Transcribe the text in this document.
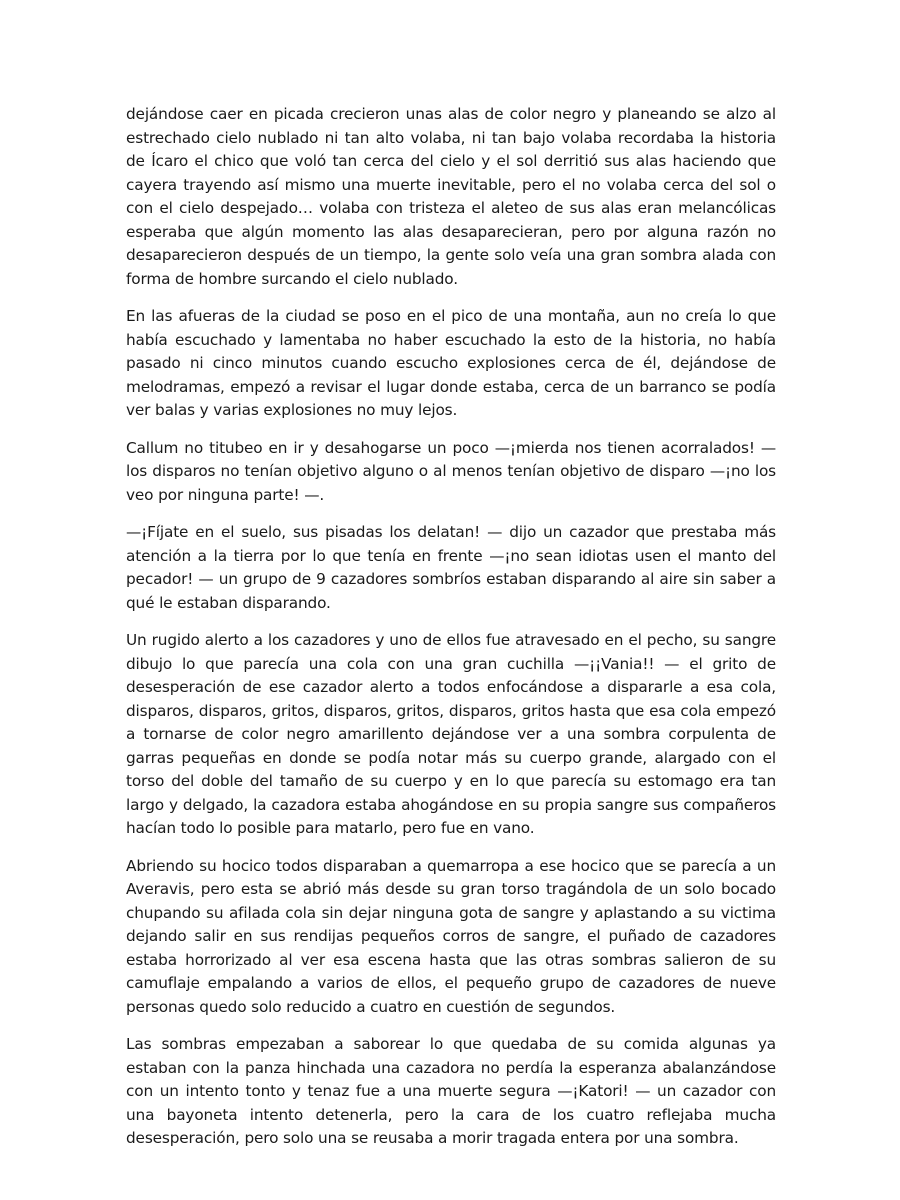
dejándose caer en picada crecieron unas alas de color negro y planeando se alzo al estrechado cielo nublado ni tan alto volaba, ni tan bajo volaba recordaba la historia de Ícaro el chico que voló tan cerca del cielo y el sol derritió sus alas haciendo que cayera trayendo así mismo una muerte inevitable, pero el no volaba cerca del sol o con el cielo despejado… volaba con tristeza el aleteo de sus alas eran melancólicas esperaba que algún momento las alas desaparecieran, pero por alguna razón no desaparecieron después de un tiempo, la gente solo veía una gran sombra alada con forma de hombre surcando el cielo nublado.

En las afueras de la ciudad se poso en el pico de una montaña, aun no creía lo que había escuchado y lamentaba no haber escuchado la esto de la historia, no había pasado ni cinco minutos cuando escucho explosiones cerca de él, dejándose de melodramas, empezó a revisar el lugar donde estaba, cerca de un barranco se podía ver balas y varias explosiones no muy lejos.

Callum no titubeo en ir y desahogarse un poco —¡mierda nos tienen acorralados! — los disparos no tenían objetivo alguno o al menos tenían objetivo de disparo —¡no los veo por ninguna parte! —.

—¡Fíjate en el suelo, sus pisadas los delatan! — dijo un cazador que prestaba más atención a la tierra por lo que tenía en frente —¡no sean idiotas usen el manto del pecador! — un grupo de 9 cazadores sombríos estaban disparando al aire sin saber a qué le estaban disparando.

Un rugido alerto a los cazadores y uno de ellos fue atravesado en el pecho, su sangre dibujo lo que parecía una cola con una gran cuchilla —¡¡Vania!! — el grito de desesperación de ese cazador alerto a todos enfocándose a dispararle a esa cola, disparos, disparos, gritos, disparos, gritos, disparos, gritos hasta que esa cola empezó a tornarse de color negro amarillento dejándose ver a una sombra corpulenta de garras pequeñas en donde se podía notar más su cuerpo grande, alargado con el torso del doble del tamaño de su cuerpo y en lo que parecía su estomago era tan largo y delgado, la cazadora estaba ahogándose en su propia sangre sus compañeros hacían todo lo posible para matarlo, pero fue en vano.

Abriendo su hocico todos disparaban a quemarropa a ese hocico que se parecía a un Averavis, pero esta se abrió más desde su gran torso tragándola de un solo bocado chupando su afilada cola sin dejar ninguna gota de sangre y aplastando a su victima dejando salir en sus rendijas pequeños corros de sangre, el puñado de cazadores estaba horrorizado al ver esa escena hasta que las otras sombras salieron de su camuflaje empalando a varios de ellos, el pequeño grupo de cazadores de nueve personas quedo solo reducido a cuatro en cuestión de segundos.

Las sombras empezaban a saborear lo que quedaba de su comida algunas ya estaban con la panza hinchada una cazadora no perdía la esperanza abalanzándose con un intento tonto y tenaz fue a una muerte segura —¡Katori! — un cazador con una bayoneta intento detenerla, pero la cara de los cuatro reflejaba mucha desesperación, pero solo una se reusaba a morir tragada entera por una sombra.
